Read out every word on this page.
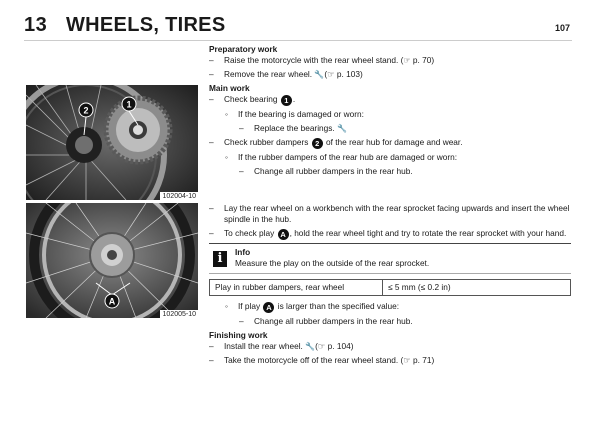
13 WHEELS, TIRES	107
2
1
102004-10
A
102005-10
Preparatory work
– Raise the motorcycle with the rear wheel stand. (☞ p. 70)
– Remove the rear wheel. 🔧(☞ p. 103)
Main work
– Check bearing 1 .
◦ If the bearing is damaged or worn:
– Replace the bearings. 🔧
– Check rubber dampers 2 of the rear hub for damage and wear.
◦ If the rubber dampers of the rear hub are damaged or worn:
– Change all rubber dampers in the rear hub.
– Lay the rear wheel on a workbench with the rear sprocket facing upwards and insert the wheel spindle in the hub.
– To check play A , hold the rear wheel tight and try to rotate the rear sprocket with your hand.
i	Info
Measure the play on the outside of the rear sprocket.
Play in rubber dampers, rear wheel	≤ 5 mm (≤ 0.2 in)
◦ If play A is larger than the specified value:
– Change all rubber dampers in the rear hub.
Finishing work
– Install the rear wheel. 🔧(☞ p. 104)
– Take the motorcycle off of the rear wheel stand. (☞ p. 71)
